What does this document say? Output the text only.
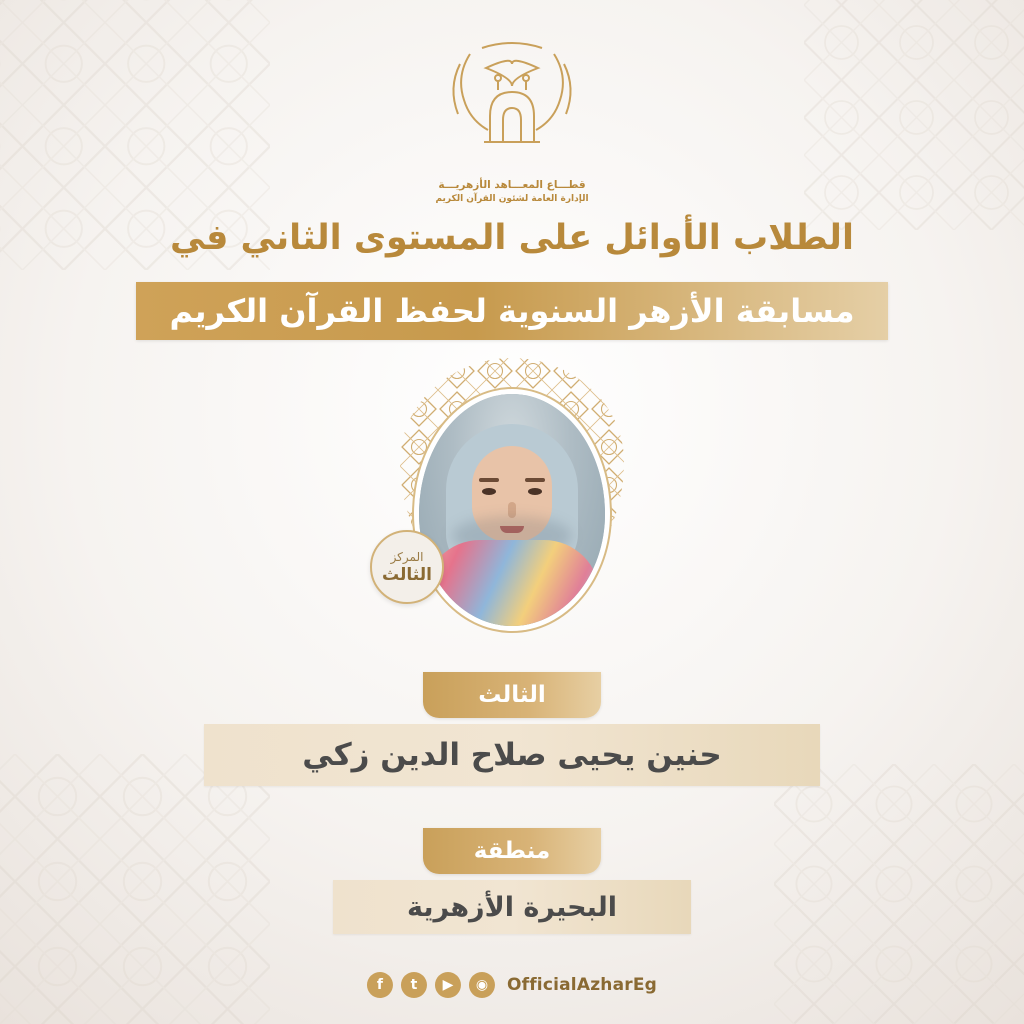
قطـــاع المعـــاهد الأزهريـــة
الإدارة العامة لشئون القرآن الكريم
الطلاب الأوائل على المستوى الثاني في
مسابقة الأزهر السنوية لحفظ القرآن الكريم
المركز
الثالث
الثالث
حنين يحيى صلاح الدين زكي
منطقة
البحيرة الأزهرية
f	t	▶	◉	OfficialAzharEg
